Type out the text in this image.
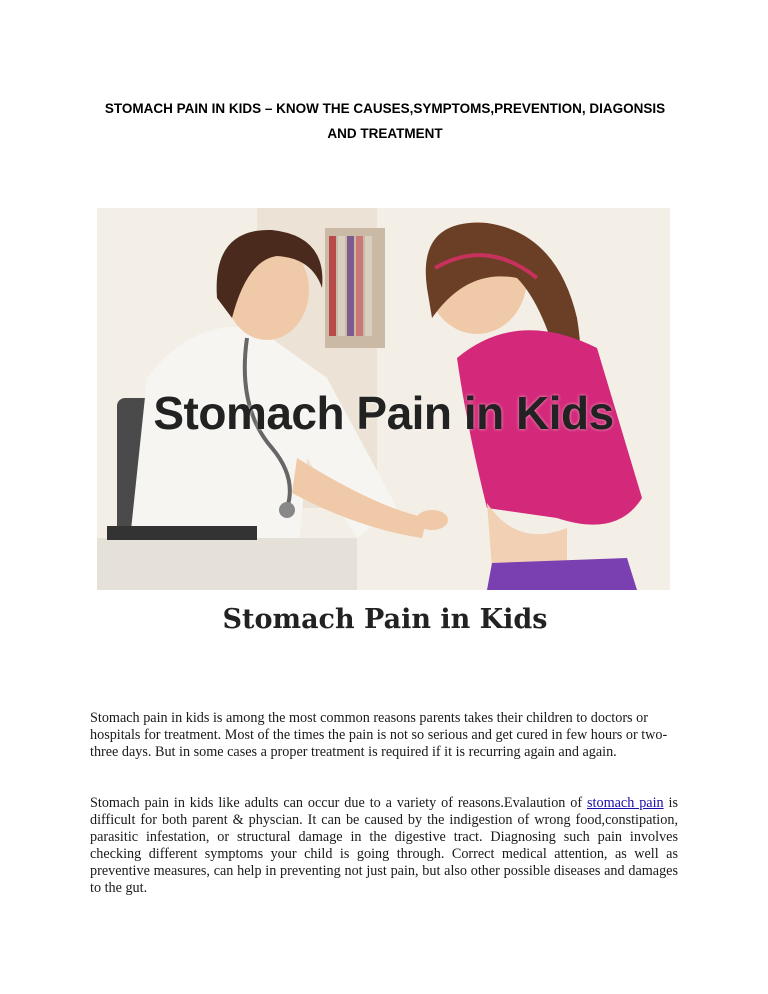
STOMACH PAIN IN KIDS – KNOW THE CAUSES,SYMPTOMS,PREVENTION, DIAGONSIS AND TREATMENT
Stomach Pain in Kids
Stomach Pain in Kids

Stomach pain in kids is among the most common reasons parents takes their children to doctors or hospitals for treatment. Most of the times the pain is not so serious and get cured in few hours or two-three days. But in some cases a proper treatment is required if it is recurring again and again.

Stomach pain in kids like adults can occur due to a variety of reasons.Evalaution of stomach pain is difficult for both parent & physcian. It can be caused by the indigestion of wrong food,constipation, parasitic infestation, or structural damage in the digestive tract. Diagnosing such pain involves checking different symptoms your child is going through. Correct medical attention, as well as preventive measures, can help in preventing not just pain, but also other possible diseases and damages to the gut.
